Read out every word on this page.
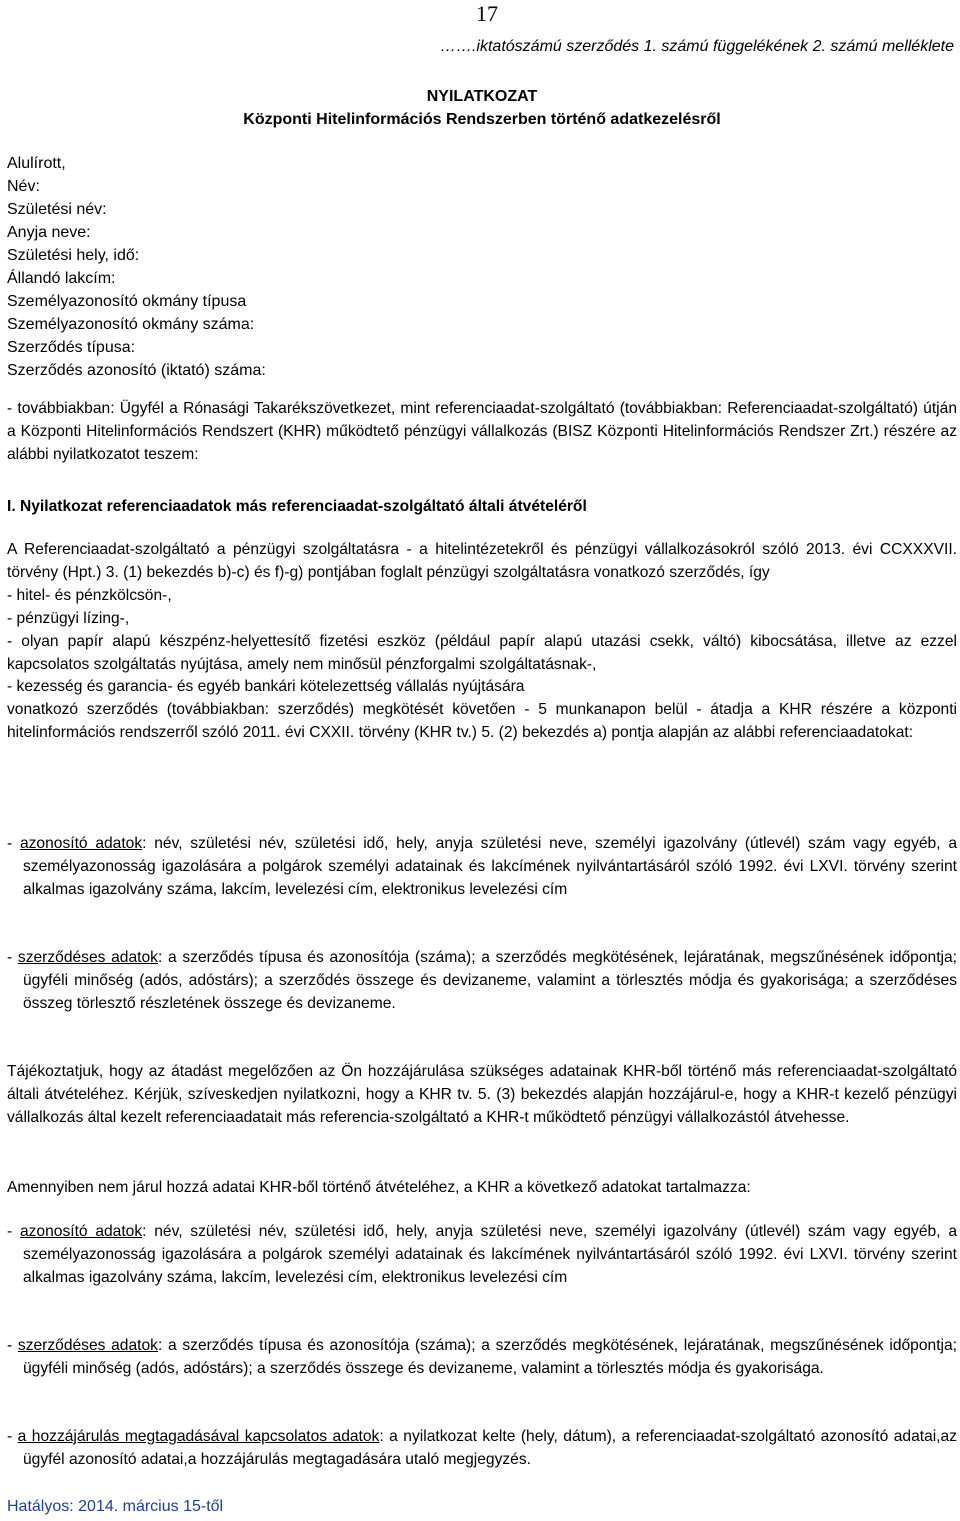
17
…….iktatószámú szerződés 1. számú függelékének 2. számú melléklete
NYILATKOZAT
Központi Hitelinformációs Rendszerben történő adatkezelésről
Alulírott,
Név:
Születési név:
Anyja neve:
Születési hely, idő:
Állandó lakcím:
Személyazonosító okmány típusa
Személyazonosító okmány száma:
Szerződés típusa:
Szerződés azonosító (iktató) száma:

- továbbiakban: Ügyfél a Rónasági Takarékszövetkezet, mint referenciaadat-szolgáltató (továbbiakban: Referenciaadat-szolgáltató) útján a Központi Hitelinformációs Rendszert (KHR) működtető pénzügyi vállalkozás (BISZ Központi Hitelinformációs Rendszer Zrt.) részére az alábbi nyilatkozatot teszem:

I. Nyilatkozat referenciaadatok más referenciaadat-szolgáltató általi átvételéről

A Referenciaadat-szolgáltató a pénzügyi szolgáltatásra - a hitelintézetekről és pénzügyi vállalkozásokról szóló 2013. évi CCXXXVII. törvény (Hpt.) 3. (1) bekezdés b)-c) és f)-g) pontjában foglalt pénzügyi szolgáltatásra vonatkozó szerződés, így

- hitel- és pénzkölcsön-,

- pénzügyi lízing-,

- olyan papír alapú készpénz-helyettesítő fizetési eszköz (például papír alapú utazási csekk, váltó) kibocsátása, illetve az ezzel kapcsolatos szolgáltatás nyújtása, amely nem minősül pénzforgalmi szolgáltatásnak-,

- kezesség és garancia- és egyéb bankári kötelezettség vállalás nyújtására

vonatkozó szerződés (továbbiakban: szerződés) megkötését követően - 5 munkanapon belül - átadja a KHR részére a központi hitelinformációs rendszerről szóló 2011. évi CXXII. törvény (KHR tv.) 5. (2) bekezdés a) pontja alapján az alábbi referenciaadatokat:

- azonosító adatok: név, születési név, születési idő, hely, anyja születési neve, személyi igazolvány (útlevél) szám vagy egyéb, a személyazonosság igazolására a polgárok személyi adatainak és lakcímének nyilvántartásáról szóló 1992. évi LXVI. törvény szerint alkalmas igazolvány száma, lakcím, levelezési cím, elektronikus levelezési cím

- szerződéses adatok: a szerződés típusa és azonosítója (száma); a szerződés megkötésének, lejáratának, megszűnésének időpontja; ügyféli minőség (adós, adóstárs); a szerződés összege és devizaneme, valamint a törlesztés módja és gyakorisága; a szerződéses összeg törlesztő részletének összege és devizaneme.

Tájékoztatjuk, hogy az átadást megelőzően az Ön hozzájárulása szükséges adatainak KHR-ből történő más referenciaadat-szolgáltató általi átvételéhez. Kérjük, szíveskedjen nyilatkozni, hogy a KHR tv. 5. (3) bekezdés alapján hozzájárul-e, hogy a KHR-t kezelő pénzügyi vállalkozás által kezelt referenciaadatait más referencia-szolgáltató a KHR-t működtető pénzügyi vállalkozástól átvehesse.

Amennyiben nem járul hozzá adatai KHR-ből történő átvételéhez, a KHR a következő adatokat tartalmazza:

- azonosító adatok: név, születési név, születési idő, hely, anyja születési neve, személyi igazolvány (útlevél) szám vagy egyéb, a személyazonosság igazolására a polgárok személyi adatainak és lakcímének nyilvántartásáról szóló 1992. évi LXVI. törvény szerint alkalmas igazolvány száma, lakcím, levelezési cím, elektronikus levelezési cím

- szerződéses adatok: a szerződés típusa és azonosítója (száma); a szerződés megkötésének, lejáratának, megszűnésének időpontja; ügyféli minőség (adós, adóstárs); a szerződés összege és devizaneme, valamint a törlesztés módja és gyakorisága.

- a hozzájárulás megtagadásával kapcsolatos adatok: a nyilatkozat kelte (hely, dátum), a referenciaadat-szolgáltató azonosító adatai,az ügyfél azonosító adatai,a hozzájárulás megtagadására utaló megjegyzés.

Hatályos: 2014. március 15-től
